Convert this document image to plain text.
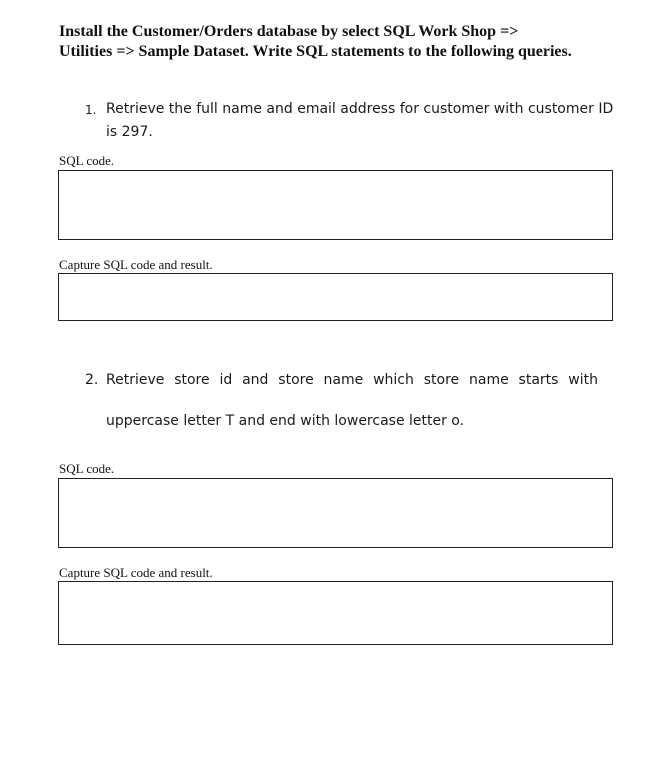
Install the Customer/Orders database by select SQL Work Shop =>
Utilities => Sample Dataset. Write SQL statements to the following queries.
1. Retrieve the full name and email address for customer with customer ID
is 297.
SQL code.
Capture SQL code and result.
2. Retrieve store id and store name which store name starts with
uppercase letter T and end with lowercase letter o.
SQL code.
Capture SQL code and result.
